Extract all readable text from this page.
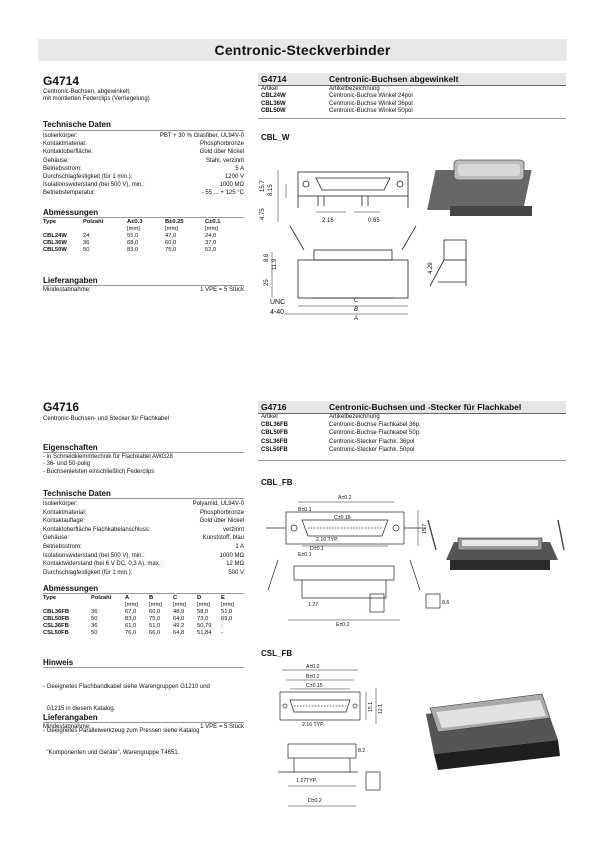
Centronic-Steckverbinder
G4714
Centronic-Buchsen, abgewinkelt,
mit montierten Federclips (Verriegelung)
Technische Daten
Isolierkörper:	PBT + 30 % Glasfiber, UL94V-0
Kontaktmaterial:	Phosphorbronze
Kontaktoberfläche:	Gold über Nickel
Gehäuse:	Stahl, verzinnt
Betriebsstrom:	5 A
Durchschlagfestigkeit (für 1 min.):	1200 V
Isolationswiderstand (bei 500 V), min.:	1000 MΩ
Betriebstemperatur:	- 55 ... + 125 °C
Abmessungen
Type	Polzahl	A±0.3	B±0.25	C±0.1
		[mm]	[mm]	[mm]
CBL24W	24	55,0	47,0	24,0
CBL36W	36	68,0	60,0	37,0
CBL50W	50	83,0	75,0	52,0
Lieferangaben
Mindestabnahme:	1 VPE = 5 Stück
G4714	Centronic-Buchsen abgewinkelt
Artikel	Artikelbezeichnung
CBL24W	Centronic-Buchse Winkel 24pol
CBL36W	Centronic-Buchse Winkel 36pol
CBL50W	Centronic-Buchse Winkel 50pol
CBL_W
15.7 8.15
4.75
2.16	0.65
8.6
11.9
25
4.29
C
B
A
UNC
4-40
G4716
Centronic-Buchsen- und Stecker für Flachkabel
Eigenschaften
- in Schneidklemmtechnik für Flachkabel AWG28
- 36- und 50-polig
- Buchsenleisten einschließlich Federclips
Technische Daten
Isolierkörper:	Polyamid, UL94V-0
Kontaktmaterial:	Phosphorbronze
Kontaktauflage:	Gold über Nickel
Kontaktoberfläche Flachkabelanschluss:	verzinnt
Gehäuse:	Kunststoff, blau
Betriebsstrom:	1 A
Isolationswiderstand (bei 500 V), min.:	1000 MΩ
Kontaktwiderstand (bei 6 V DC, 0,3 A), max.:	12 MΩ
Durchschlagfestigkeit (für 1 min.):	500 V
Abmessungen
Type	Polzahl	A	B	C	D	E
		[mm]	[mm]	[mm]	[mm]	[mm]
CBL36FB	36	67,0	60,0	48,9	58,0	51,0
CBL50FB	50	83,0	75,0	64,0	73,0	69,0
CSL36FB	36	61,0	51,0	49,2	50,79	-
CSL50FB	50	76,0	66,0	64,8	51,84	-
Hinweis

- Geeignetes Flachbandkabel siehe Warengruppen G1210 und

G1215 in diesem Katalog.

- Geeignetes Parallelwerkzeug zum Pressen siehe Katalog

"Komponenten und Geräte", Warengruppe T4651.

Lieferangaben
Mindestabnahme:	1 VPE = 5 Stück
G4716	Centronic-Buchsen und -Stecker für Flachkabel
Artikel	Artikelbezeichnung
CBL36FB	Centronic-Buchse Flachkabel 36p.
CBL50FB	Centronic-Buchse Flachkabel 50p.
CSL36FB	Centronic-Stecker Flachk. 36pol
CSL50FB	Centronic-Stecker Flachk. 50pol
CBL_FB
A±0.2
B±0.1
C±0.15
2.16 TYP.
D±0.1
E±0.1
15.7
1.27	8.6
E±0.2
CSL_FB
A±0.2
B±0.2
C±0.15
2.16 TYP.
15.1 12.1
8.2
1.27TYP.
D±0.2
